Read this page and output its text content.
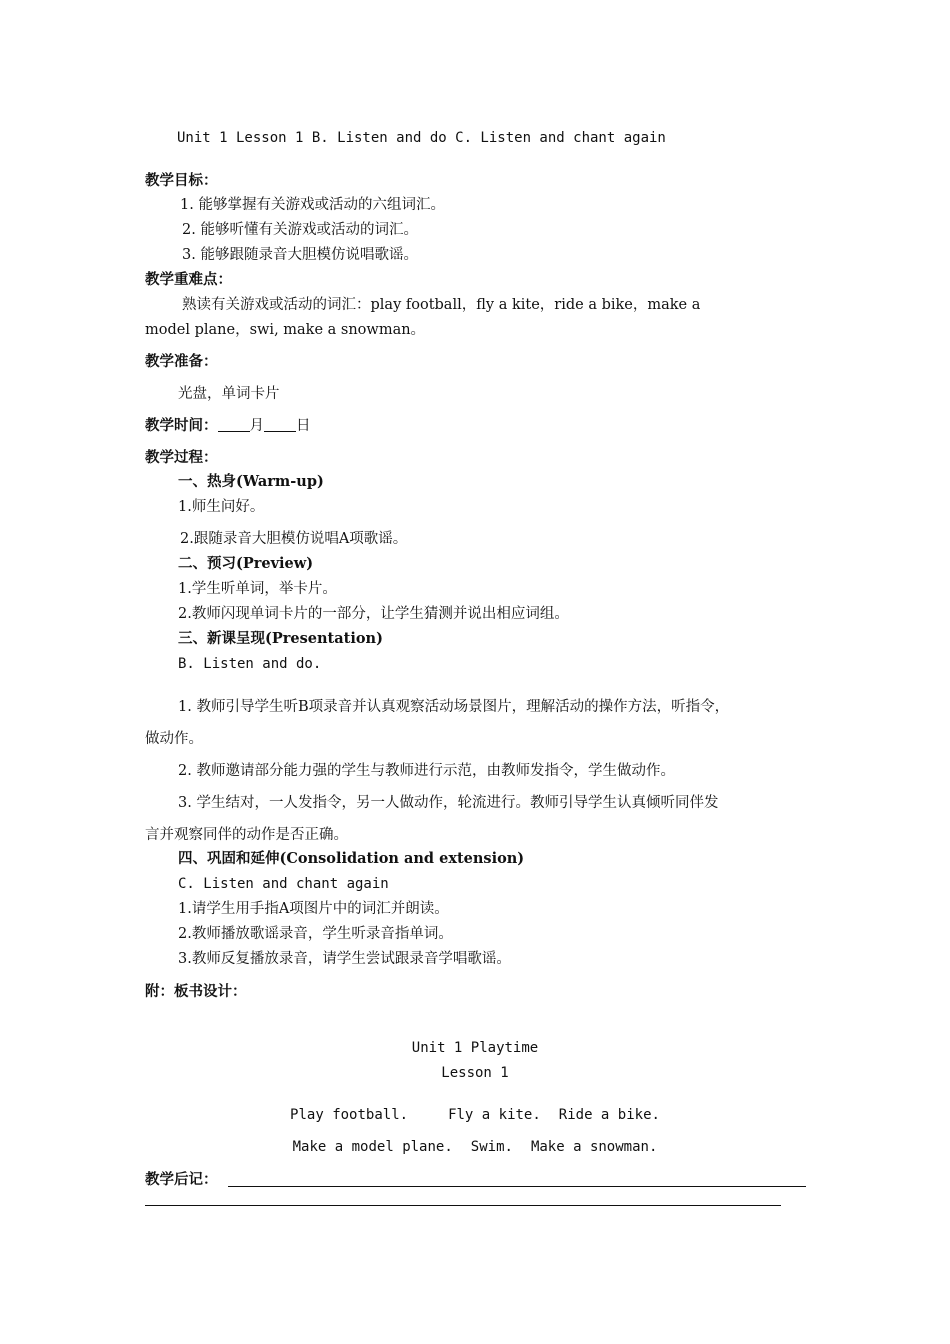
Unit 1 Lesson 1 B. Listen and do C. Listen and chant again
教学目标：
1. 能够掌握有关游戏或活动的六组词汇。
2. 能够听懂有关游戏或活动的词汇。
3. 能够跟随录音大胆模仿说唱歌谣。
教学重难点：
熟读有关游戏或活动的词汇：play football，fly a kite，ride a bike，make a
model plane，swi, make a snowman。
教学准备：
光盘，单词卡片
教学时间： 月 日
教学过程：
一、热身(Warm-up)
1.师生问好。
2.跟随录音大胆模仿说唱A项歌谣。
二、预习(Preview)
1.学生听单词，举卡片。
2.教师闪现单词卡片的一部分，让学生猜测并说出相应词组。
三、新课呈现(Presentation)
B. Listen and do.
1. 教师引导学生听B项录音并认真观察活动场景图片，理解活动的操作方法，听指令，
做动作。
2. 教师邀请部分能力强的学生与教师进行示范，由教师发指令，学生做动作。
3. 学生结对，一人发指令，另一人做动作，轮流进行。教师引导学生认真倾听同伴发
言并观察同伴的动作是否正确。
四、巩固和延伸(Consolidation and extension)
C. Listen and chant again
1.请学生用手指A项图片中的词汇并朗读。
2.教师播放歌谣录音，学生听录音指单词。
3.教师反复播放录音，请学生尝试跟录音学唱歌谣。
附：板书设计：
Unit 1 Playtime
Lesson 1
Play football.	Fly a kite. Ride a bike.
Make a model plane. Swim. Make a snowman.
教学后记：
